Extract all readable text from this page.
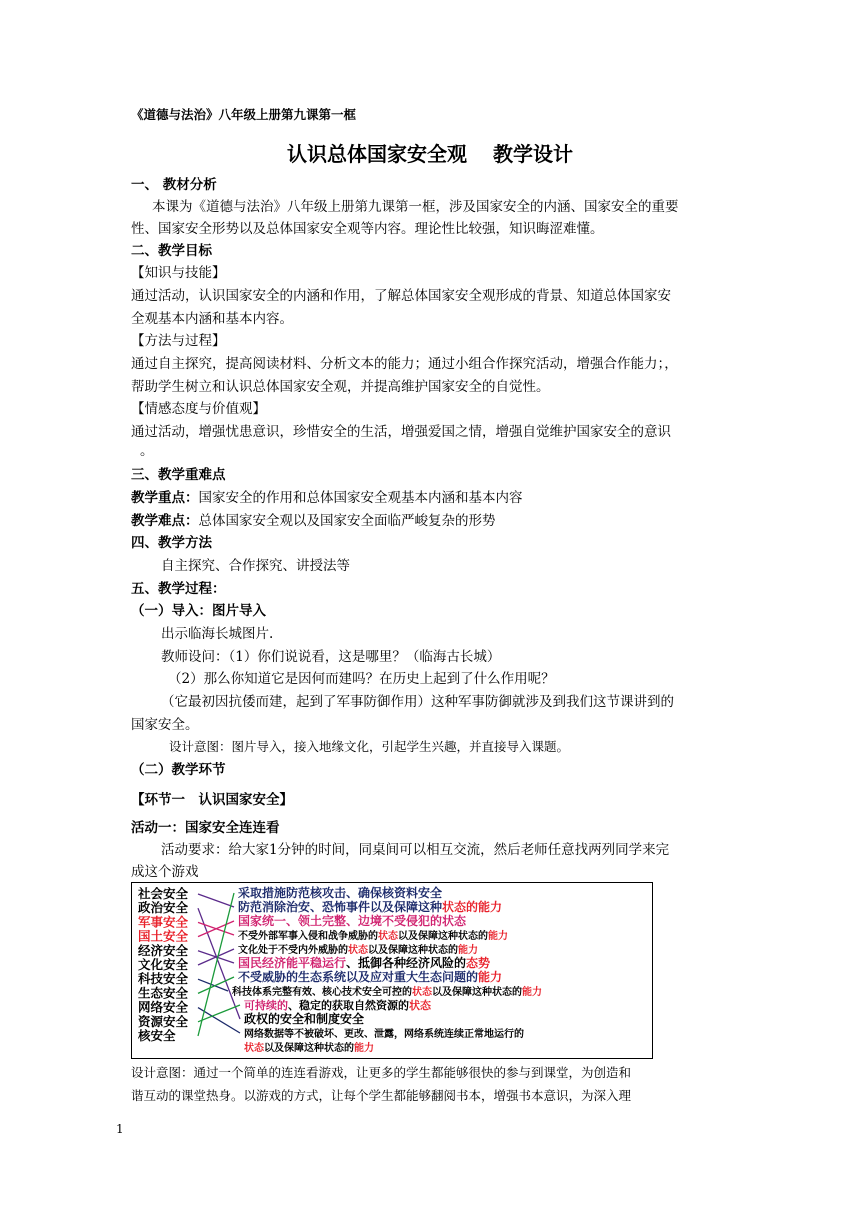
《道德与法治》八年级上册第九课第一框
认识总体国家安全观 教学设计
一、 教材分析
本课为《道德与法治》八年级上册第九课第一框，涉及国家安全的内涵、国家安全的重要
性、国家安全形势以及总体国家安全观等内容。理论性比较强，知识晦涩难懂。
二、教学目标
【知识与技能】
通过活动，认识国家安全的内涵和作用，了解总体国家安全观形成的背景、知道总体国家安
全观基本内涵和基本内容。
【方法与过程】
通过自主探究，提高阅读材料、分析文本的能力；通过小组合作探究活动，增强合作能力；，
帮助学生树立和认识总体国家安全观，并提高维护国家安全的自觉性。
【情感态度与价值观】
通过活动，增强忧患意识，珍惜安全的生活，增强爱国之情，增强自觉维护国家安全的意识
。
三、教学重难点
教学重点：国家安全的作用和总体国家安全观基本内涵和基本内容
教学难点：总体国家安全观以及国家安全面临严峻复杂的形势
四、教学方法
自主探究、合作探究、讲授法等
五、教学过程：
（一）导入：图片导入
出示临海长城图片.
教师设问：（1）你们说说看，这是哪里？（临海古长城）
（2）那么你知道它是因何而建吗？在历史上起到了什么作用呢？
（它最初因抗倭而建，起到了军事防御作用）这种军事防御就涉及到我们这节课讲到的
国家安全。
设计意图：图片导入，接入地缘文化，引起学生兴趣，并直接导入课题。
（二）教学环节
【环节一　认识国家安全】
活动一：国家安全连连看
活动要求：给大家1分钟的时间，同桌间可以相互交流，然后老师任意找两列同学来完
成这个游戏
社会安全
政治安全
军事安全
国土安全
经济安全
文化安全
科技安全
生态安全
网络安全
资源安全
核安全
采取措施防范核攻击、确保核资料安全
防范消除治安、恐怖事件以及保障这种状态的能力
国家统一、领土完整、边境不受侵犯的状态
不受外部军事入侵和战争威胁的状态以及保障这种状态的能力
文化处于不受内外威胁的状态以及保障这种状态的能力
国民经济能平稳运行、抵御各种经济风险的态势
不受威胁的生态系统以及应对重大生态问题的能力
科技体系完整有效、核心技术安全可控的状态以及保障这种状态的能力
可持续的、稳定的获取自然资源的状态
政权的安全和制度安全
网络数据等不被破坏、更改、泄露，网络系统连续正常地运行的
状态以及保障这种状态的能力
设计意图：通过一个简单的连连看游戏，让更多的学生都能够很快的参与到课堂，为创造和
谐互动的课堂热身。以游戏的方式，让每个学生都能够翻阅书本，增强书本意识，为深入理
1
